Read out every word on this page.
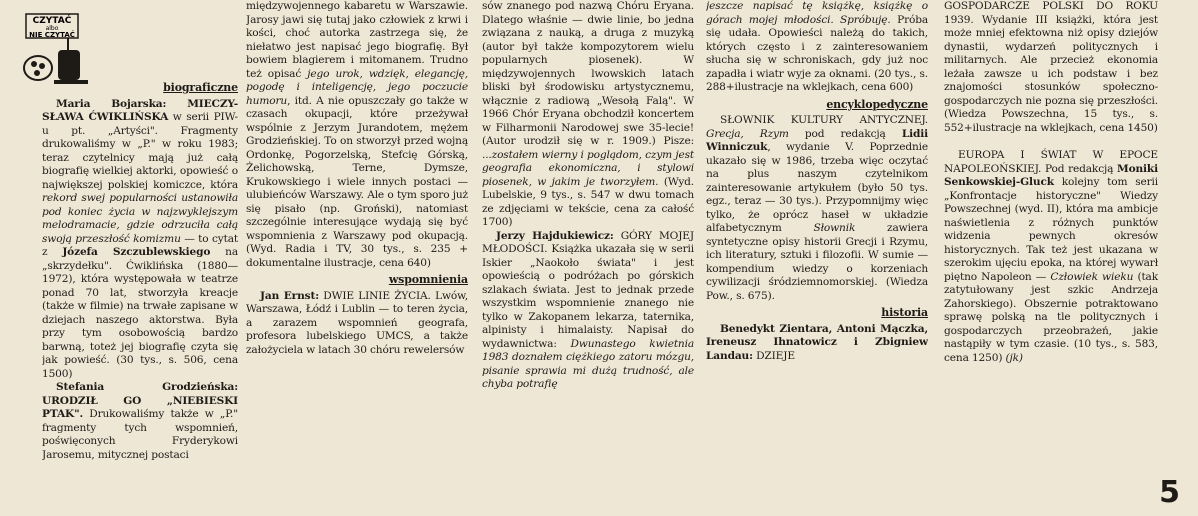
CZYTAĆ
albo
NIE CZYTAĆ
biograficzne

Maria Bojarska: MIECZY-SŁAWA ĆWIKLIŃSKA w serii PIW-u pt. „Artyści". Fragmenty drukowaliśmy w „P." w roku 1983; teraz czytelnicy mają już całą biografię wielkiej aktorki, opowieść o największej polskiej komiczce, która rekord swej popularności ustanowiła pod koniec życia w najzwyklejszym melodramacie, gdzie odrzuciła całą swoją przeszłość komizmu — to cytat z Józefa Szczublewskiego na „skrzydełku". Ćwiklińska (1880—1972), która występowała w teatrze ponad 70 lat, stworzyła kreacje (także w filmie) na trwałe zapisane w dziejach naszego aktorstwa. Była przy tym osobowością bardzo barwną, toteż jej biografię czyta się jak powieść. (30 tys., s. 506, cena 1500)

Stefania Grodzieńska: URODZIŁ GO „NIEBIESKI PTAK". Drukowaliśmy także w „P." fragmenty tych wspomnień, poświęconych Fryderykowi Jarosemu, mitycznej postaci

międzywojennego kabaretu w Warszawie. Jarosy jawi się tutaj jako człowiek z krwi i kości, choć autorka zastrzega się, że niełatwo jest napisać jego biografię. Był bowiem blagierem i mitomanem. Trudno też opisać jego urok, wdzięk, elegancję, pogodę i inteligencję, jego poczucie humoru, itd. A nie opuszczały go także w czasach okupacji, które przeżywał wspólnie z Jerzym Jurandotem, mężem Grodzieńskiej. To on stworzył przed wojną Ordonkę, Pogorzelską, Stefcię Górską, Żelichowską, Terne, Dymsze, Krukowskiego i wiele innych postaci — ulubieńców Warszawy. Ale o tym sporo już się pisało (np. Groński), natomiast szczególnie interesujące wydają się być wspomnienia z Warszawy pod okupacją. (Wyd. Radia i TV, 30 tys., s. 235 + dokumentalne ilustracje, cena 640)

wspomnienia

Jan Ernst: DWIE LINIE ŻYCIA. Lwów, Warszawa, Łódź i Lublin — to teren życia, a zarazem wspomnień geografa, profesora lubelskiego UMCS, a także założyciela w latach 30 chóru rewelersów

sów znanego pod nazwą Chóru Eryana. Dlatego właśnie — dwie linie, bo jedna związana z nauką, a druga z muzyką (autor był także kompozytorem wielu popularnych piosenek). W międzywojennych lwowskich latach bliski był środowisku artystycznemu, włącznie z radiową „Wesołą Falą". W 1966 Chór Eryana obchodził koncertem w Filharmonii Narodowej swe 35-lecie! (Autor urodził się w r. 1909.) Pisze: ...zostałem wierny i poglądom, czym jest geografia ekonomiczna, i stylowi piosenek, w jakim je tworzyłem. (Wyd. Lubelskie, 9 tys., s. 547 w dwu tomach ze zdjęciami w tekście, cena za całość 1700)

Jerzy Hajdukiewicz: GÓRY MOJEJ MŁODOŚCI. Książka ukazała się w serii Iskier „Naokoło świata" i jest opowieścią o podróżach po górskich szlakach świata. Jest to jednak przede wszystkim wspomnienie znanego nie tylko w Zakopanem lekarza, taternika, alpinisty i himalaisty. Napisał do wydawnictwa: Dwunastego kwietnia 1983 doznałem ciężkiego zatoru mózgu, pisanie sprawia mi dużą trudność, ale chyba potrafię

jeszcze napisać tę książkę, książkę o górach mojej młodości. Spróbuję. Próba się udała. Opowieści należą do takich, których często i z zainteresowaniem słucha się w schroniskach, gdy już noc zapadła i wiatr wyje za oknami. (20 tys., s. 288+ilustracje na wklejkach, cena 600)

encyklopedyczne

SŁOWNIK KULTURY ANTYCZNEJ. Grecja, Rzym pod redakcją Lidii Winniczuk, wydanie V. Poprzednie ukazało się w 1986, trzeba więc oczytać na plus naszym czytelnikom zainteresowanie artykułem (było 50 tys. egz., teraz — 30 tys.). Przypomnijmy więc tylko, że oprócz haseł w układzie alfabetycznym Słownik zawiera syntetyczne opisy historii Grecji i Rzymu, ich literatury, sztuki i filozofii. W sumie — kompendium wiedzy o korzeniach cywilizacji śródziemnomorskiej. (Wiedza Pow., s. 675).

historia

Benedykt Zientara, Antoni Mączka, Ireneusz Ihnatowicz i Zbigniew Landau: DZIEJE

GOSPODARCZE POLSKI DO ROKU 1939. Wydanie III książki, która jest może mniej efektowna niż opisy dziejów dynastii, wydarzeń politycznych i militarnych. Ale przecież ekonomia leżała zawsze u ich podstaw i bez znajomości stosunków społeczno-gospodarczych nie pozna się przeszłości. (Wiedza Powszechna, 15 tys., s. 552+ilustracje na wklejkach, cena 1450)

EUROPA I ŚWIAT W EPOCE NAPOLEOŃSKIEJ. Pod redakcją Moniki Senkowskiej-Gluck kolejny tom serii „Konfrontacje historyczne" Wiedzy Powszechnej (wyd. II), która ma ambicje naświetlenia z różnych punktów widzenia pewnych okresów historycznych. Tak też jest ukazana w szerokim ujęciu epoka, na której wywarł piętno Napoleon — Człowiek wieku (tak zatytułowany jest szkic Andrzeja Zahorskiego). Obszernie potraktowano sprawę polską na tle politycznych i gospodarczych przeobrażeń, jakie nastąpiły w tym czasie. (10 tys., s. 583, cena 1250) (jk)

5
